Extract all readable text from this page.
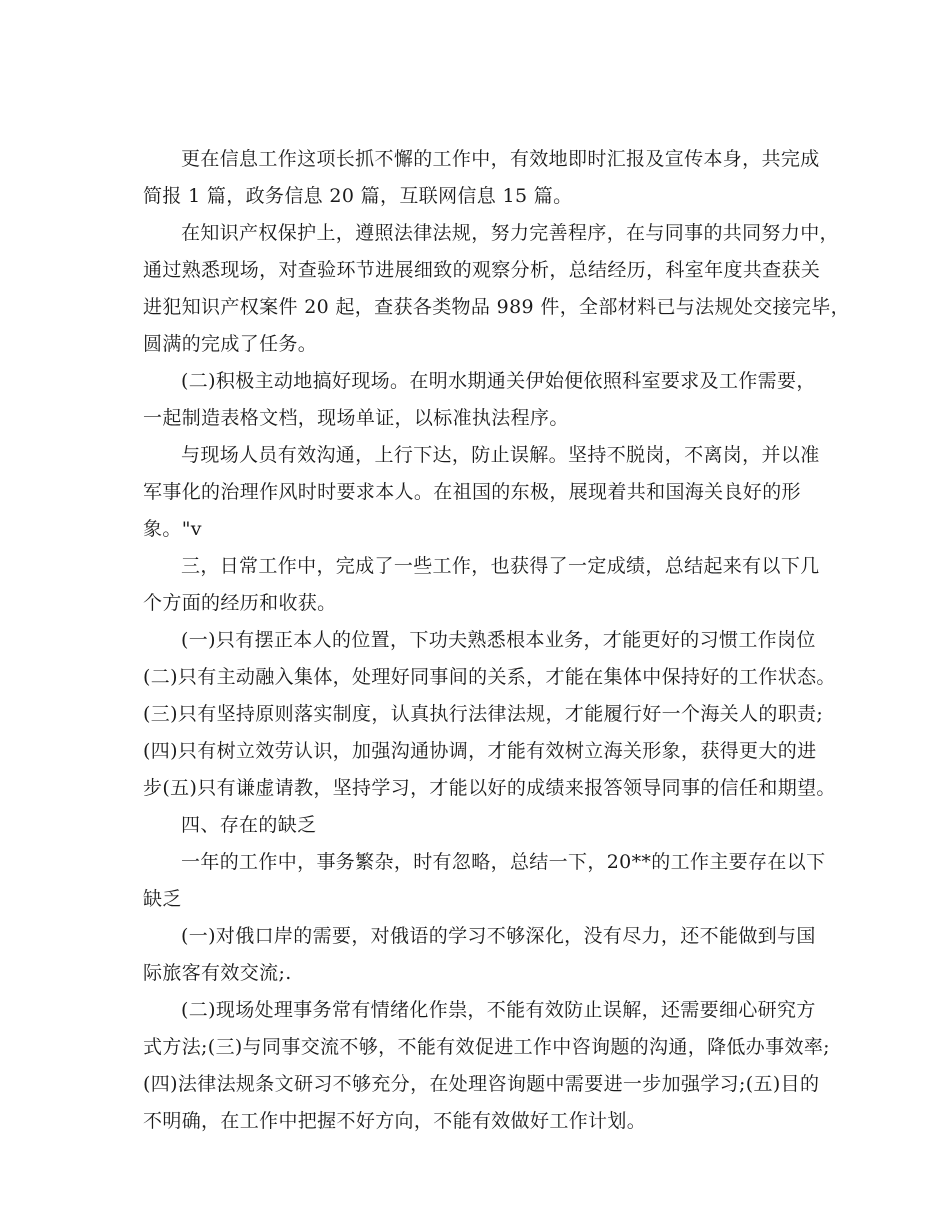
更在信息工作这项长抓不懈的工作中，有效地即时汇报及宣传本身，共完成
简报 1 篇，政务信息 20 篇，互联网信息 15 篇。
在知识产权保护上，遵照法律法规，努力完善程序，在与同事的共同努力中，
通过熟悉现场，对查验环节进展细致的观察分析，总结经历，科室年度共查获关
进犯知识产权案件 20 起，查获各类物品 989 件，全部材料已与法规处交接完毕，
圆满的完成了任务。
(二)积极主动地搞好现场。在明水期通关伊始便依照科室要求及工作需要，
一起制造表格文档，现场单证，以标准执法程序。
与现场人员有效沟通，上行下达，防止误解。坚持不脱岗，不离岗，并以准
军事化的治理作风时时要求本人。在祖国的东极，展现着共和国海关良好的形
象。"v
三，日常工作中，完成了一些工作，也获得了一定成绩，总结起来有以下几
个方面的经历和收获。
(一)只有摆正本人的位置，下功夫熟悉根本业务，才能更好的习惯工作岗位
(二)只有主动融入集体，处理好同事间的关系，才能在集体中保持好的工作状态。
(三)只有坚持原则落实制度，认真执行法律法规，才能履行好一个海关人的职责;
(四)只有树立效劳认识，加强沟通协调，才能有效树立海关形象，获得更大的进
步(五)只有谦虚请教，坚持学习，才能以好的成绩来报答领导同事的信任和期望。
四、存在的缺乏
一年的工作中，事务繁杂，时有忽略，总结一下，20**的工作主要存在以下
缺乏
(一)对俄口岸的需要，对俄语的学习不够深化，没有尽力，还不能做到与国
际旅客有效交流;.
(二)现场处理事务常有情绪化作祟，不能有效防止误解，还需要细心研究方
式方法;(三)与同事交流不够，不能有效促进工作中咨询题的沟通，降低办事效率;
(四)法律法规条文研习不够充分，在处理咨询题中需要进一步加强学习;(五)目的
不明确，在工作中把握不好方向，不能有效做好工作计划。
